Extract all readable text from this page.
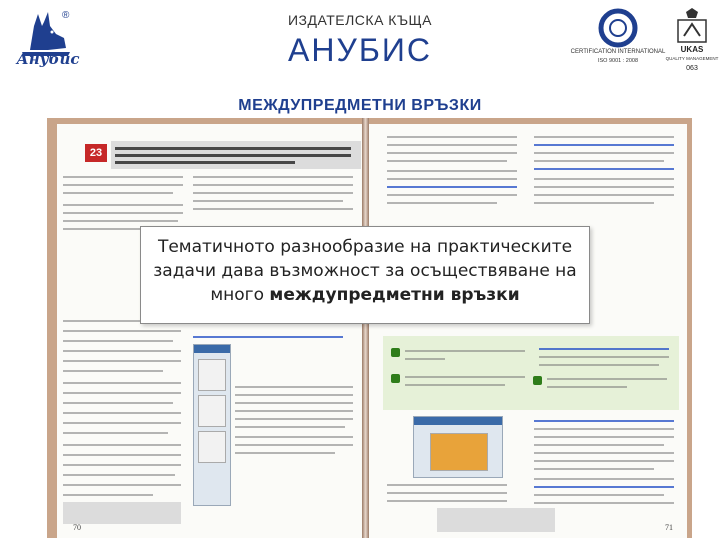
®
Анубис
ИЗДАТЕЛСКА КЪЩА
АНУБИС	CERTIFICATION INTERNATIONAL
ISO 9001 : 2008
UKAS
QUALITY MANAGEMENT
063
МЕЖДУПРЕДМЕТНИ ВРЪЗКИ
23
70	71
Тематичното разнообразие на практическите
задачи дава възможност за осъществяване на
много междупредметни връзки
